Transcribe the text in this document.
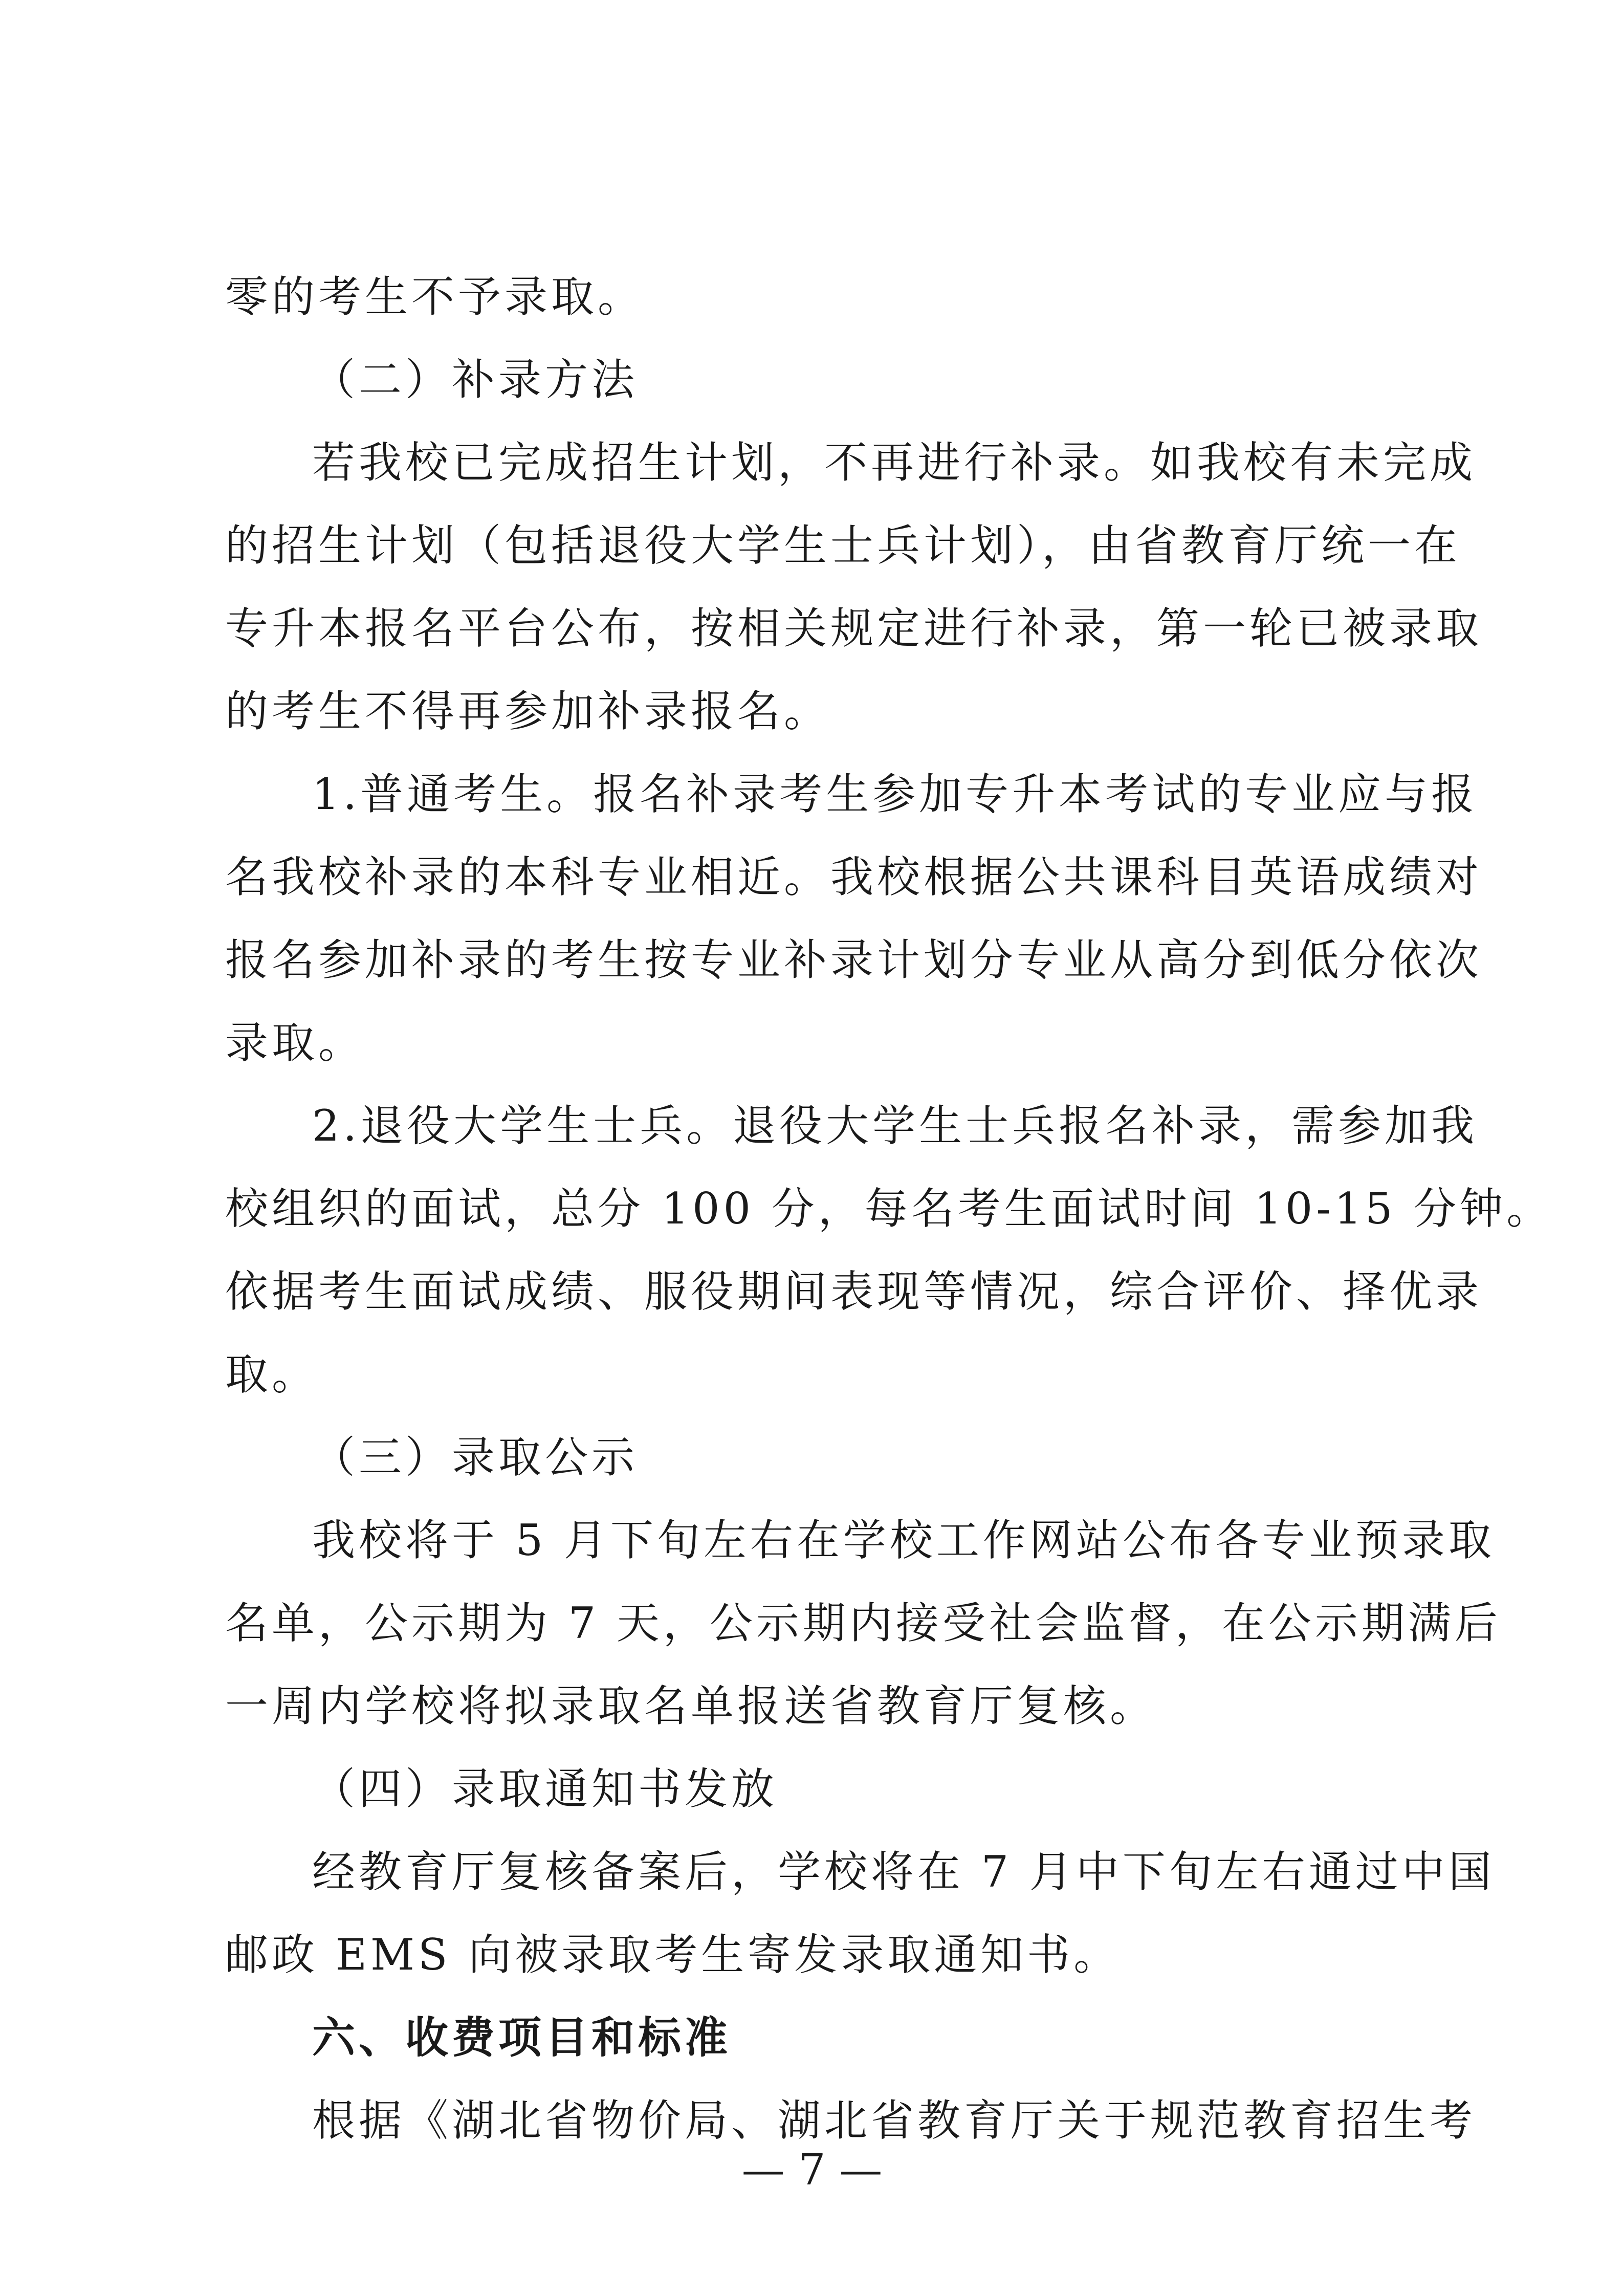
零的考生不予录取。
（二）补录方法
若我校已完成招生计划，不再进行补录。如我校有未完成
的招生计划（包括退役大学生士兵计划），由省教育厅统一在
专升本报名平台公布，按相关规定进行补录，第一轮已被录取
的考生不得再参加补录报名。
1.普通考生。报名补录考生参加专升本考试的专业应与报
名我校补录的本科专业相近。我校根据公共课科目英语成绩对
报名参加补录的考生按专业补录计划分专业从高分到低分依次
录取。
2.退役大学生士兵。退役大学生士兵报名补录，需参加我
校组织的面试，总分 100 分，每名考生面试时间 10-15 分钟。
依据考生面试成绩、服役期间表现等情况，综合评价、择优录
取。
（三）录取公示
我校将于 5 月下旬左右在学校工作网站公布各专业预录取
名单，公示期为 7 天，公示期内接受社会监督，在公示期满后
一周内学校将拟录取名单报送省教育厅复核。
（四）录取通知书发放
经教育厅复核备案后，学校将在 7 月中下旬左右通过中国
邮政 EMS 向被录取考生寄发录取通知书。
六、收费项目和标准
根据《湖北省物价局、湖北省教育厅关于规范教育招生考
— 7 —
